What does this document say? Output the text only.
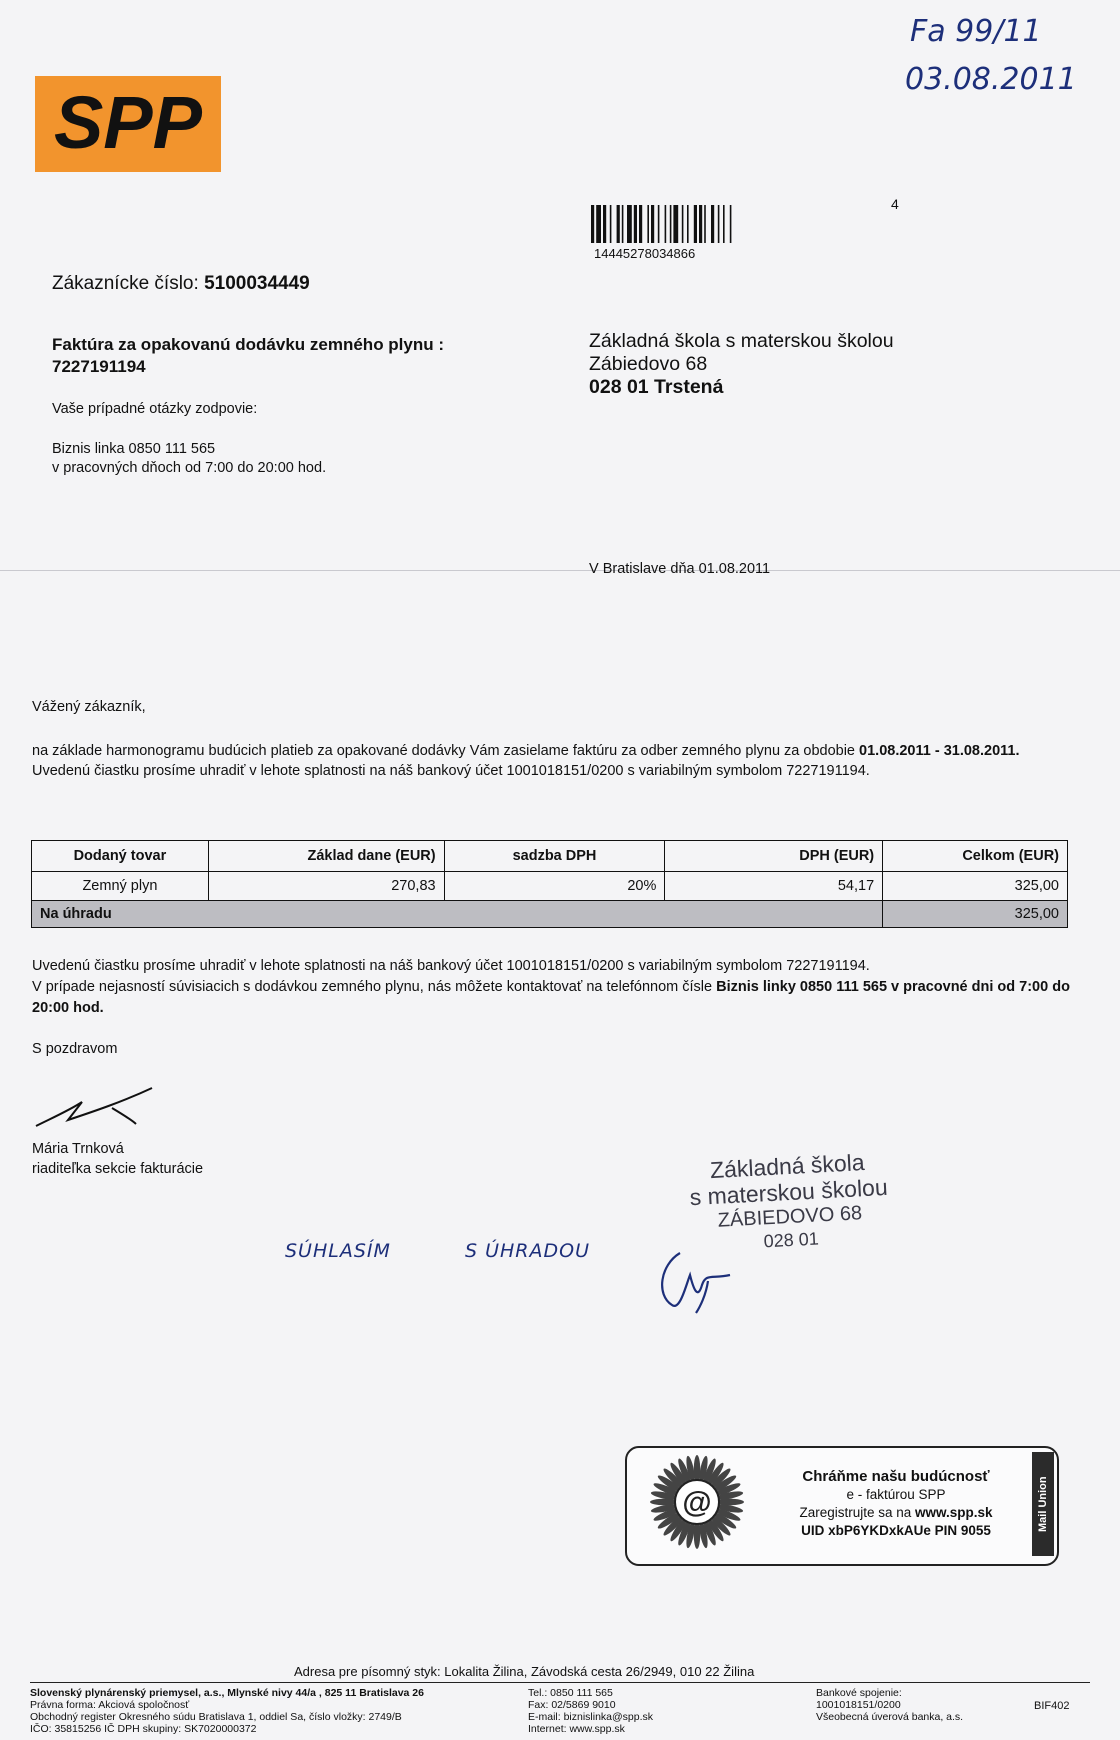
Fa 99/11
03.08.2011
SPP
14445278034866
4
Zákaznícke číslo: 5100034449
Faktúra za opakovanú dodávku zemného plynu :
7227191194
Vaše prípadné otázky zodpovie:
Biznis linka 0850 111 565
v pracovných dňoch od 7:00 do 20:00 hod.
Základná škola s materskou školou
Zábiedovo 68
028 01 Trstená
V Bratislave dňa 01.08.2011
Vážený zákazník,
na základe harmonogramu budúcich platieb za opakované dodávky Vám zasielame faktúru za odber zemného plynu za obdobie 01.08.2011 - 31.08.2011.
Uvedenú čiastku prosíme uhradiť v lehote splatnosti na náš bankový účet 1001018151/0200 s variabilným symbolom 7227191194.
Dodaný tovar	Základ dane (EUR)	sadzba DPH	DPH (EUR)	Celkom (EUR)
Zemný plyn	270,83	20%	54,17	325,00
Na úhradu				325,00
Uvedenú čiastku prosíme uhradiť v lehote splatnosti na náš bankový účet 1001018151/0200 s variabilným symbolom 7227191194.
V prípade nejasností súvisiacich s dodávkou zemného plynu, nás môžete kontaktovať na telefónnom čísle Biznis linky 0850 111 565 v pracovné dni od 7:00 do 20:00 hod.
S pozdravom
Mária Trnková
riaditeľka sekcie fakturácie	Základná škola
s materskou školou
ZÁBIEDOVO 68
028 01
SÚHLASÍM	S ÚHRADOU
@
Chráňme našu budúcnosť
e - faktúrou SPP
Zaregistrujte sa na www.spp.sk
UID xbP6YKDxkAUe PIN 9055	Mail Union
Adresa pre písomný styk: Lokalita Žilina, Závodská cesta 26/2949, 010 22 Žilina
Slovenský plynárenský priemysel, a.s., Mlynské nivy 44/a , 825 11 Bratislava 26
Právna forma: Akciová spoločnosť
Obchodný register Okresného súdu Bratislava 1, oddiel Sa, číslo vložky: 2749/B
IČO: 35815256 IČ DPH skupiny: SK7020000372
Tel.: 0850 111 565
Fax: 02/5869 9010
E-mail: biznislinka@spp.sk
Internet: www.spp.sk
Bankové spojenie:
1001018151/0200
Všeobecná úverová banka, a.s.
BIF402
